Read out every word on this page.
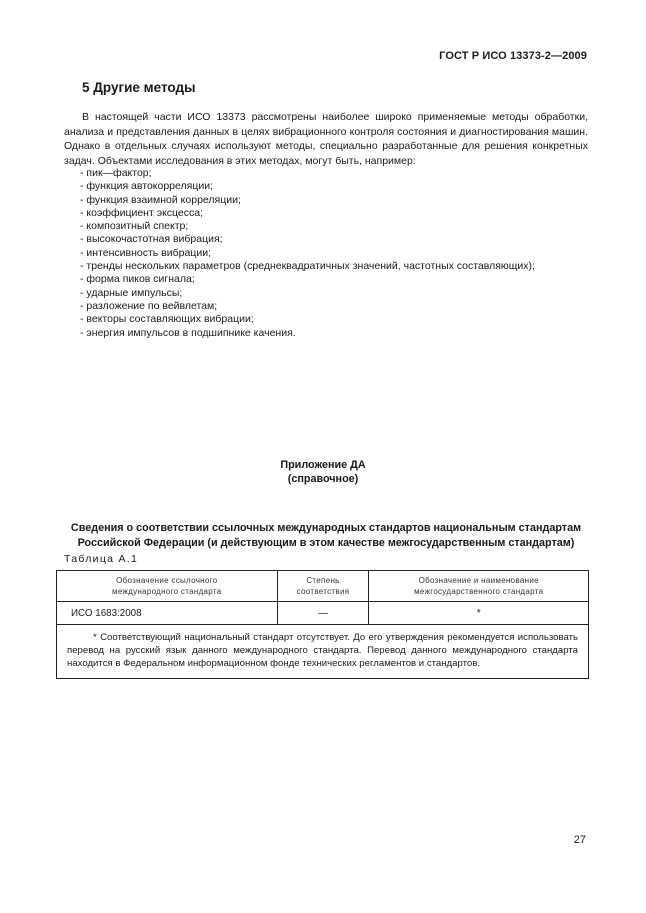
ГОСТ Р ИСО 13373-2—2009
5 Другие методы

В настоящей части ИСО 13373 рассмотрены наиболее широко применяемые методы обработки, анализа и представления данных в целях вибрационного контроля состояния и диагностирования машин. Однако в отдельных случаях используют методы, специально разработанные для решения конкретных задач. Объектами исследования в этих методах, могут быть, например:

- пик—фактор;
- функция автокорреляции;
- функция взаимной корреляции;
- коэффициент эксцесса;
- композитный спектр;
- высокочастотная вибрация;
- интенсивность вибрации;
- тренды нескольких параметров (среднеквадратичных значений, частотных составляющих);
- форма пиков сигнала;
- ударные импульсы;
- разложение по вейвлетам;
- векторы составляющих вибрации;
- энергия импульсов в подшипнике качения.
Приложение ДА
(справочное)
Сведения о соответствии ссылочных международных стандартов национальным стандартам Российской Федерации (и действующим в этом качестве межгосударственным стандартам)
Таблица А.1
Обозначение ссылочного международного стандарта	Степень соответствия	Обозначение и наименование межгосударственного стандарта
ИСО 1683:2008	—	*

* Соответствующий национальный стандарт отсутствует. До его утверждения рекомендуется использовать перевод на русский язык данного международного стандарта. Перевод данного международного стандарта находится в Федеральном информационном фонде технических регламентов и стандартов.		
27
